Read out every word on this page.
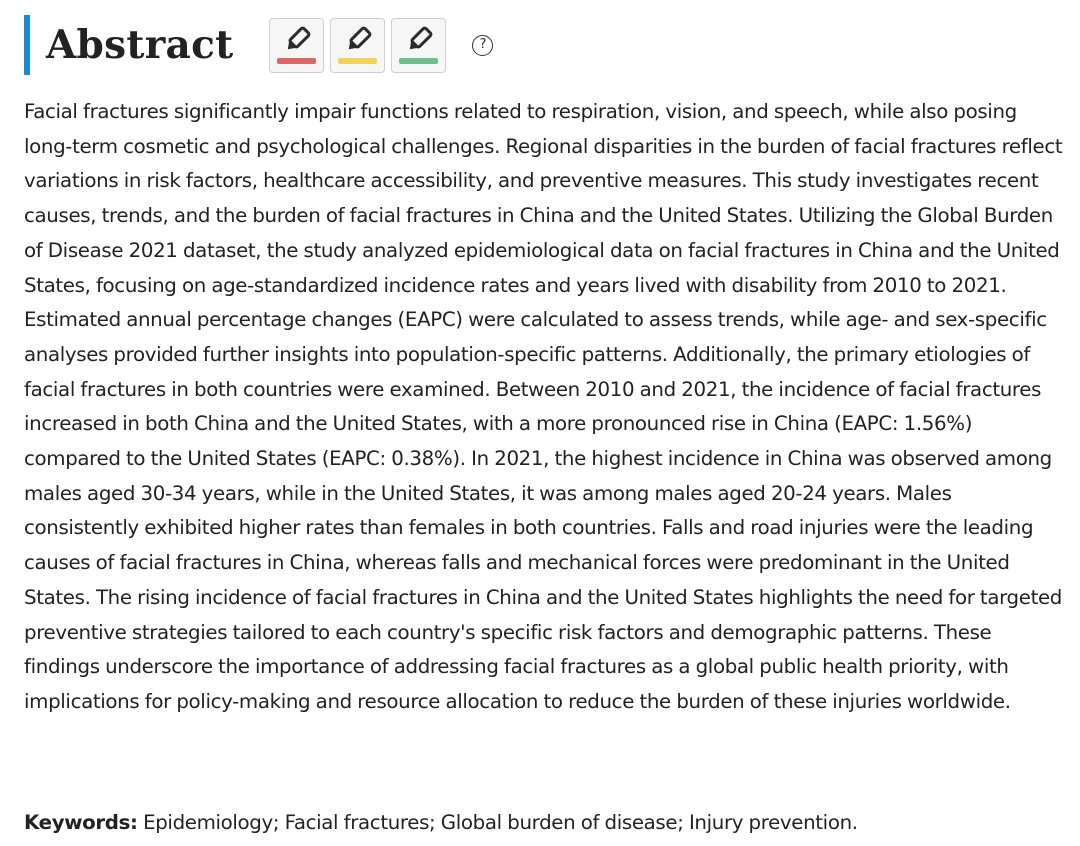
Abstract	?

Facial fractures significantly impair functions related to respiration, vision, and speech, while also posing long-term cosmetic and psychological challenges. Regional disparities in the burden of facial fractures reflect variations in risk factors, healthcare accessibility, and preventive measures. This study investigates recent causes, trends, and the burden of facial fractures in China and the United States. Utilizing the Global Burden of Disease 2021 dataset, the study analyzed epidemiological data on facial fractures in China and the United States, focusing on age-standardized incidence rates and years lived with disability from 2010 to 2021. Estimated annual percentage changes (EAPC) were calculated to assess trends, while age- and sex-specific analyses provided further insights into population-specific patterns. Additionally, the primary etiologies of facial fractures in both countries were examined. Between 2010 and 2021, the incidence of facial fractures increased in both China and the United States, with a more pronounced rise in China (EAPC: 1.56%) compared to the United States (EAPC: 0.38%). In 2021, the highest incidence in China was observed among males aged 30-34 years, while in the United States, it was among males aged 20-24 years. Males consistently exhibited higher rates than females in both countries. Falls and road injuries were the leading causes of facial fractures in China, whereas falls and mechanical forces were predominant in the United States. The rising incidence of facial fractures in China and the United States highlights the need for targeted preventive strategies tailored to each country's specific risk factors and demographic patterns. These findings underscore the importance of addressing facial fractures as a global public health priority, with implications for policy-making and resource allocation to reduce the burden of these injuries worldwide.

Keywords: Epidemiology; Facial fractures; Global burden of disease; Injury prevention.
